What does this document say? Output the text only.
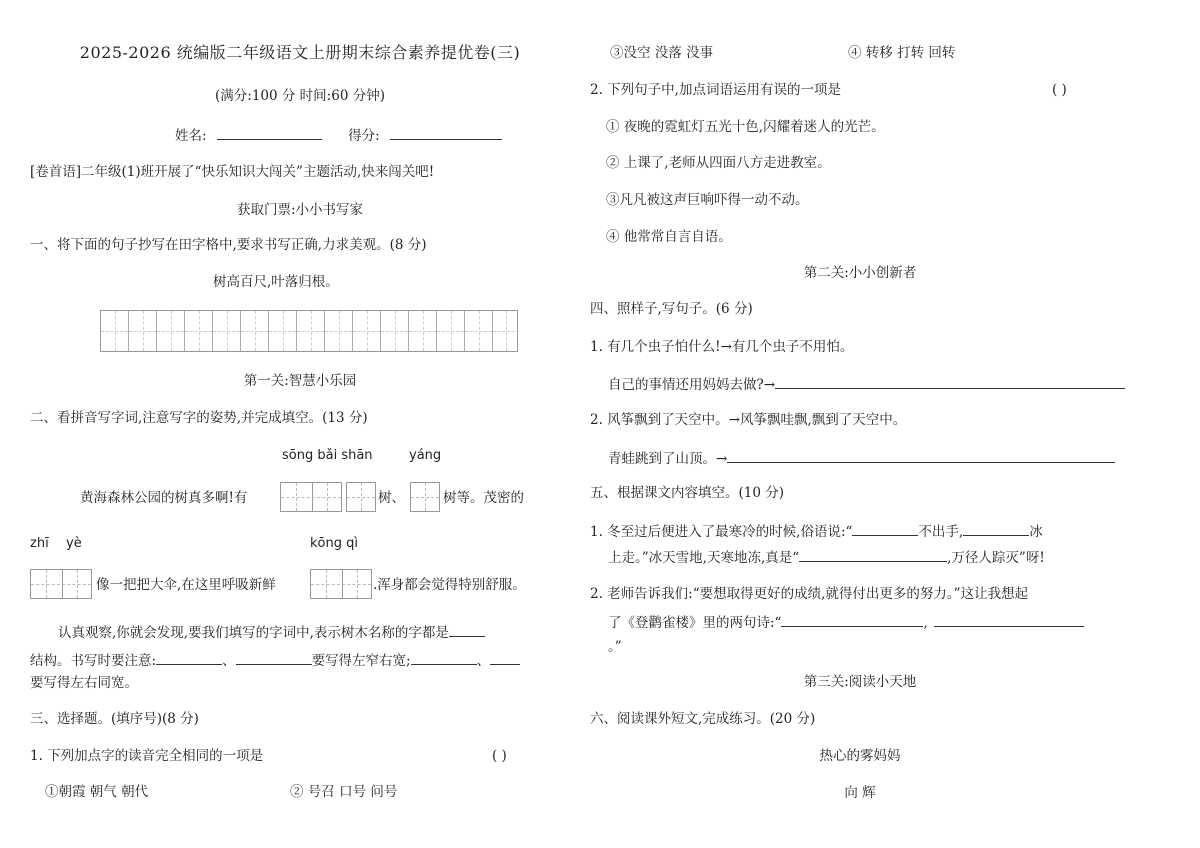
2025-2026 统编版二年级语文上册期末综合素养提优卷(三)
(满分:100 分 时间:60 分钟)
姓名:	得分:
[卷首语]二年级(1)班开展了“快乐知识大闯关”主题活动,快来闯关吧!
获取门票:小小书写家
一、将下面的句子抄写在田字格中,要求书写正确,力求美观。(8 分)
树高百尺,叶落归根。
第一关:智慧小乐园
二、看拼音写字词,注意写字的姿势,并完成填空。(13 分)
sōng bǎi shān	yáng
黄海森林公园的树真多啊!有	树、	树等。茂密的
zhī yè	kōng qì
像一把把大伞,在这里呼吸新鲜	.浑身都会觉得特别舒服。
认真观察,你就会发现,要我们填写的字词中,表示树木名称的字都是
结构。书写时要注意:	、	要写得左窄右宽;	、
要写得左右同宽。
三、选择题。(填序号)(8 分)
1. 下列加点字的读音完全相同的一项是	( )
①朝霞 朝气 朝代	② 号召 口号 问号
③没空 没落 没事	④ 转移 打转 回转
2. 下列句子中,加点词语运用有误的一项是	( )
① 夜晚的霓虹灯五光十色,闪耀着迷人的光芒。
② 上课了,老师从四面八方走进教室。
③凡凡被这声巨响吓得一动不动。
④ 他常常自言自语。
第二关:小小创新者
四、照样子,写句子。(6 分)
1. 有几个虫子怕什么!→有几个虫子不用怕。
自己的事情还用妈妈去做?→
2. 风筝飘到了天空中。→风筝飘哇飘,飘到了天空中。
青蛙跳到了山顶。→
五、根据课文内容填空。(10 分)
1. 冬至过后便进入了最寒冷的时候,俗语说:“	不出手,	冰
上走。”冰天雪地,天寒地冻,真是“	,万径人踪灭”呀!
2. 老师告诉我们:“要想取得更好的成绩,就得付出更多的努力。”这让我想起
了《登鹳雀楼》里的两句诗:“	,
。”
第三关:阅读小天地
六、阅读课外短文,完成练习。(20 分)
热心的雾妈妈
向 辉
